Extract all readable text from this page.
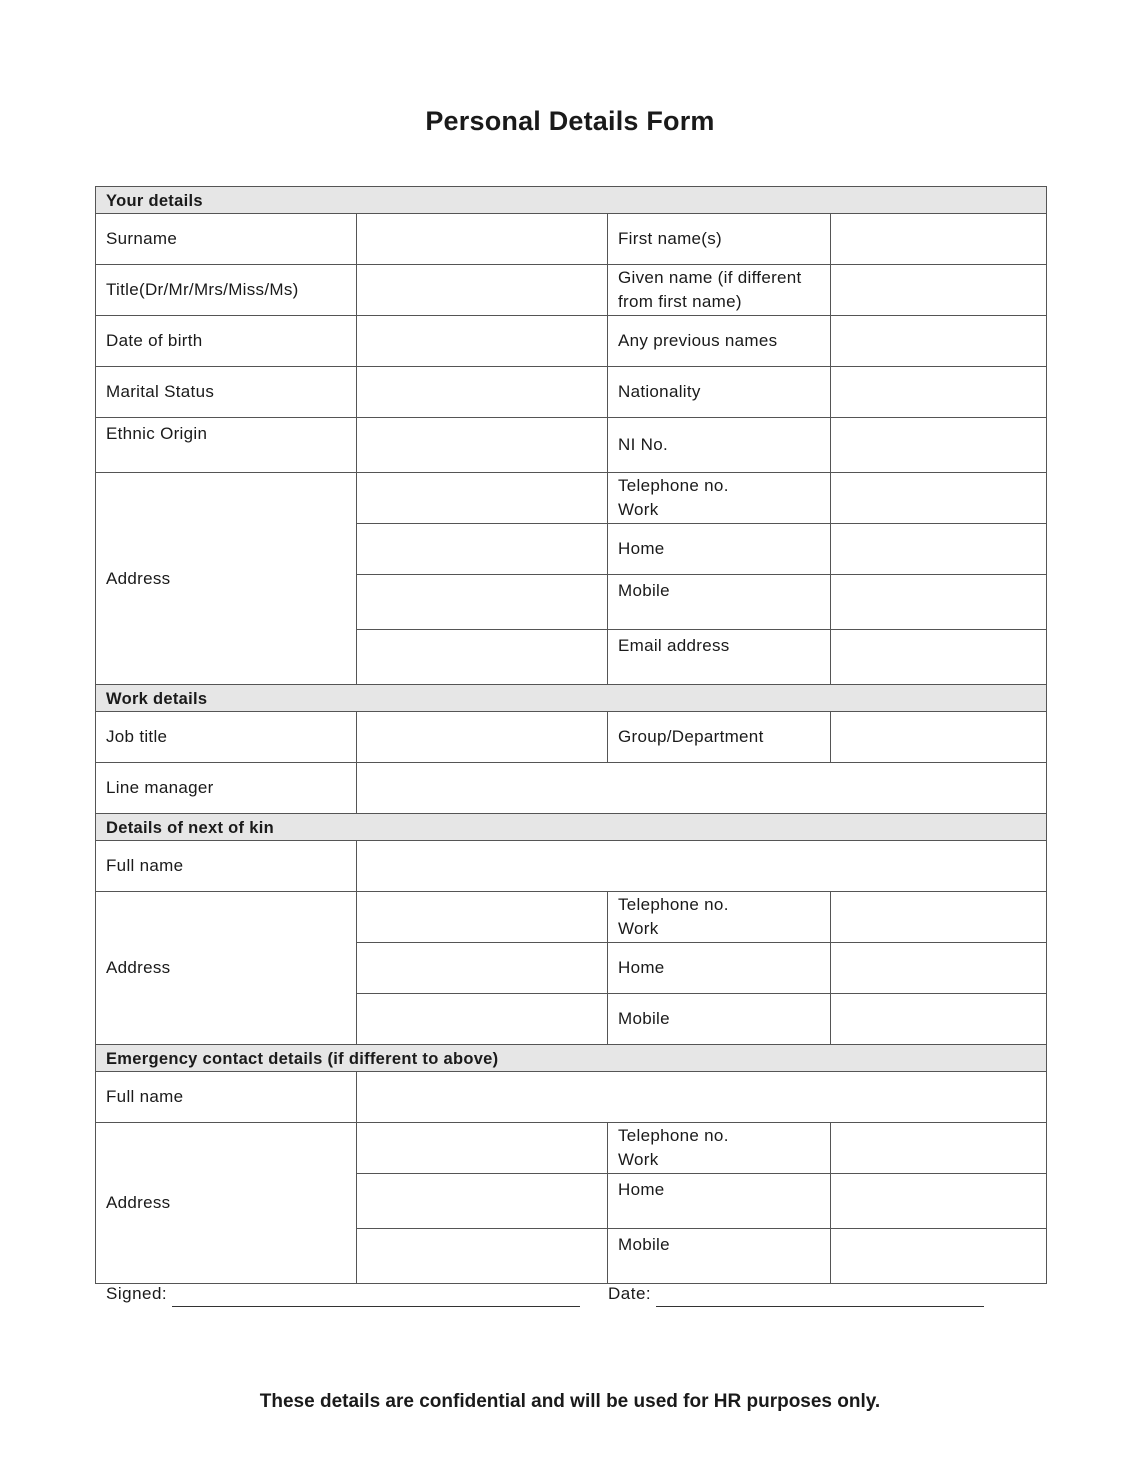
Personal Details Form
Your details			
Surname		First name(s)	
Title(Dr/Mr/Mrs/Miss/Ms)		Given name (if different
from first name)	

Date of birth		Any previous names	
Marital Status		Nationality	
Ethnic Origin		NI No.	
Address		Telephone no.
Work	

		Home	
		Mobile	
		Email address	
Work details			
Job title		Group/Department	
Line manager			
Details of next of kin			
Full name			
Address		Telephone no.
Work	

		Home	
		Mobile	
Emergency contact details (if different to above)			
Full name			
Address		Telephone no.
Work	

		Home	
		Mobile	
Signed:	Date:
These details are confidential and will be used for HR purposes only.
